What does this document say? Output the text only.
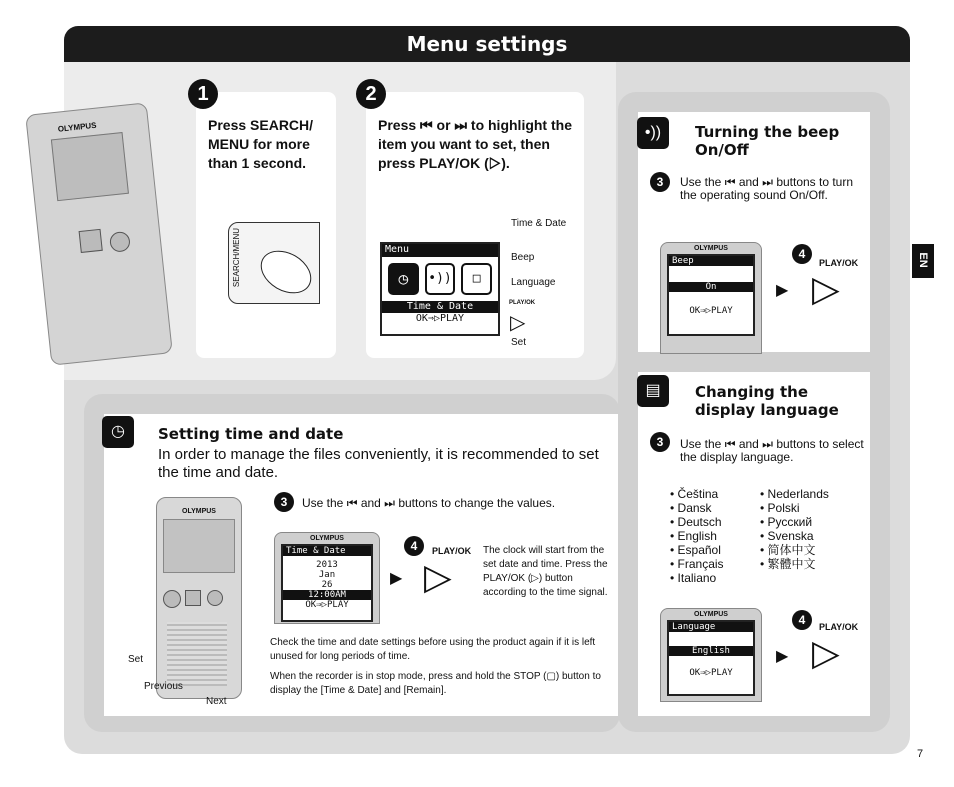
Menu settings
EN
OLYMPUS
1
Press SEARCH/ MENU for more than 1 second.
SEARCH/MENU
2
Press ⏮ or ⏭ to highlight the item you want to set, then press PLAY/OK (▷).
Menu
◷	•))	□
Time & Date
OK⇒▷PLAY
Time & Date
Beep
Language
PLAY/OK
▷
Set
•))	Turning the beep On/Off
3	Use the ⏮ and ⏭ buttons to turn the operating sound On/Off.
OLYMPUS
Beep
On
OK⇒▷PLAY
▶
4
PLAY/OK
▷
▤	Changing the display language
3	Use the ⏮ and ⏭ buttons to select the display language.
• Čeština
• Dansk
• Deutsch
• English
• Español
• Français
• Italiano
• Nederlands
• Polski
• Русский
• Svenska
• 简体中文
• 繁體中文
OLYMPUS
Language
English
OK⇒▷PLAY
▶
4	PLAY/OK
▷
◷	Setting time and date
In order to manage the files conveniently, it is recommended to set the time and date.
OLYMPUS
Set
Previous
Next
3	Use the ⏮ and ⏭ buttons to change the values.
OLYMPUS
Time & Date
2013
Jan
26
12:00AM
OK⇒▷PLAY
▶
4	PLAY/OK
▷
The clock will start from the set date and time. Press the PLAY/OK (▷) button according to the time signal.
Check the time and date settings before using the product again if it is left unused for long periods of time.
When the recorder is in stop mode, press and hold the STOP (▢) button to display the [Time & Date] and [Remain].
7
